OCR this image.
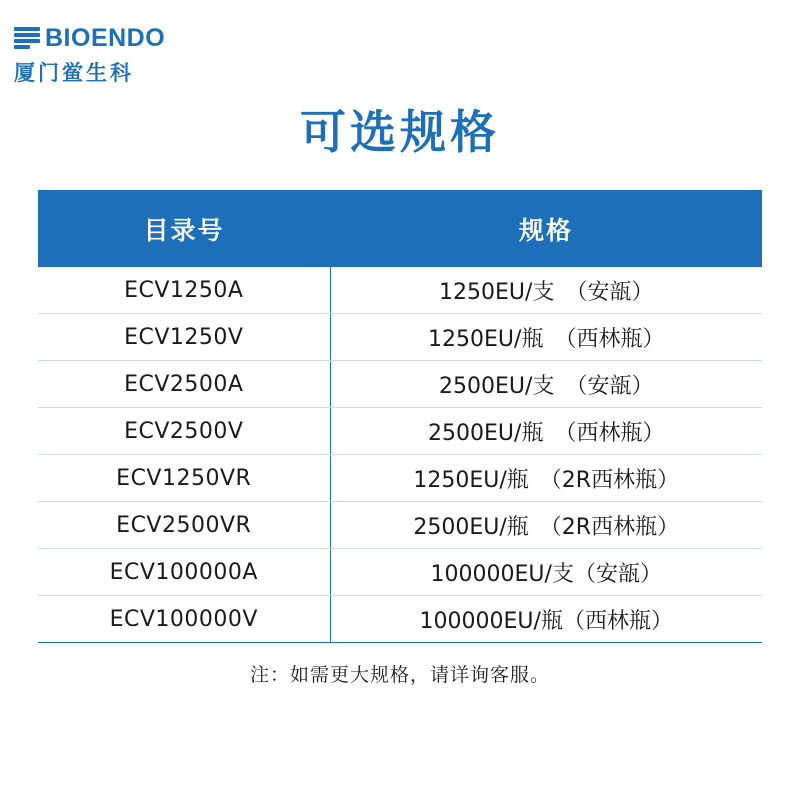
BIOENDO
厦门鲎生科
可选规格
目录号	规格
ECV1250A	1250EU/支　（安瓿）
ECV1250V	1250EU/瓶　（西林瓶）
ECV2500A	2500EU/支　（安瓿）
ECV2500V	2500EU/瓶　（西林瓶）
ECV1250VR	1250EU/瓶　（2R西林瓶）
ECV2500VR	2500EU/瓶　（2R西林瓶）
ECV100000A	100000EU/支（安瓿）
ECV100000V	100000EU/瓶（西林瓶）
注：如需更大规格，请详询客服。
